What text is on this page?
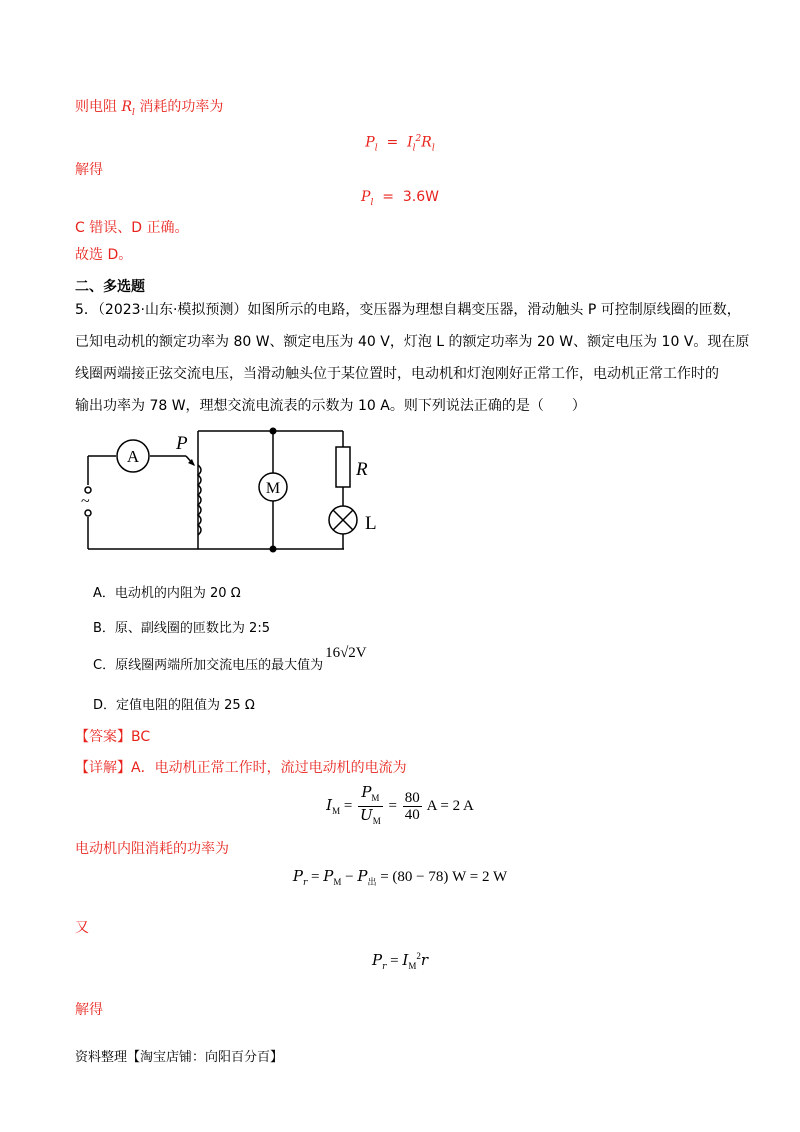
则电阻 $R_l$ 消耗的功率为
$P_l = I_l^2R_l$
解得
$P_l = 3.6W$
C 错误、D 正确。
故选 D。
二、多选题
5．（2023·山东·模拟预测）如图所示的电路，变压器为理想自耦变压器，滑动触头 P 可控制原线圈的匝数，
已知电动机的额定功率为 80 W、额定电压为 40 V，灯泡 L 的额定功率为 20 W、额定电压为 10 V。现在原
线圈两端接正弦交流电压，当滑动触头位于某位置时，电动机和灯泡刚好正常工作，电动机正常工作时的
输出功率为 78 W，理想交流电流表的示数为 10 A。则下列说法正确的是（　　）
A
P
M
R
L
~
A．电动机的内阻为 20 Ω
B．原、副线圈的匝数比为 2:5
C．原线圈两端所加交流电压的最大值为16√2V
D．定值电阻的阻值为 25 Ω
【答案】BC
【详解】A．电动机正常工作时，流过电动机的电流为
$I_M = \frac{P_M}{U_M} = \frac{80}{40}$ A = 2 A
电动机内阻消耗的功率为
$P_r = P_M - P_出 = (80 - 78) W = 2$ W
又
$P_r = I_M^2r$
解得
资料整理【淘宝店铺：向阳百分百】
